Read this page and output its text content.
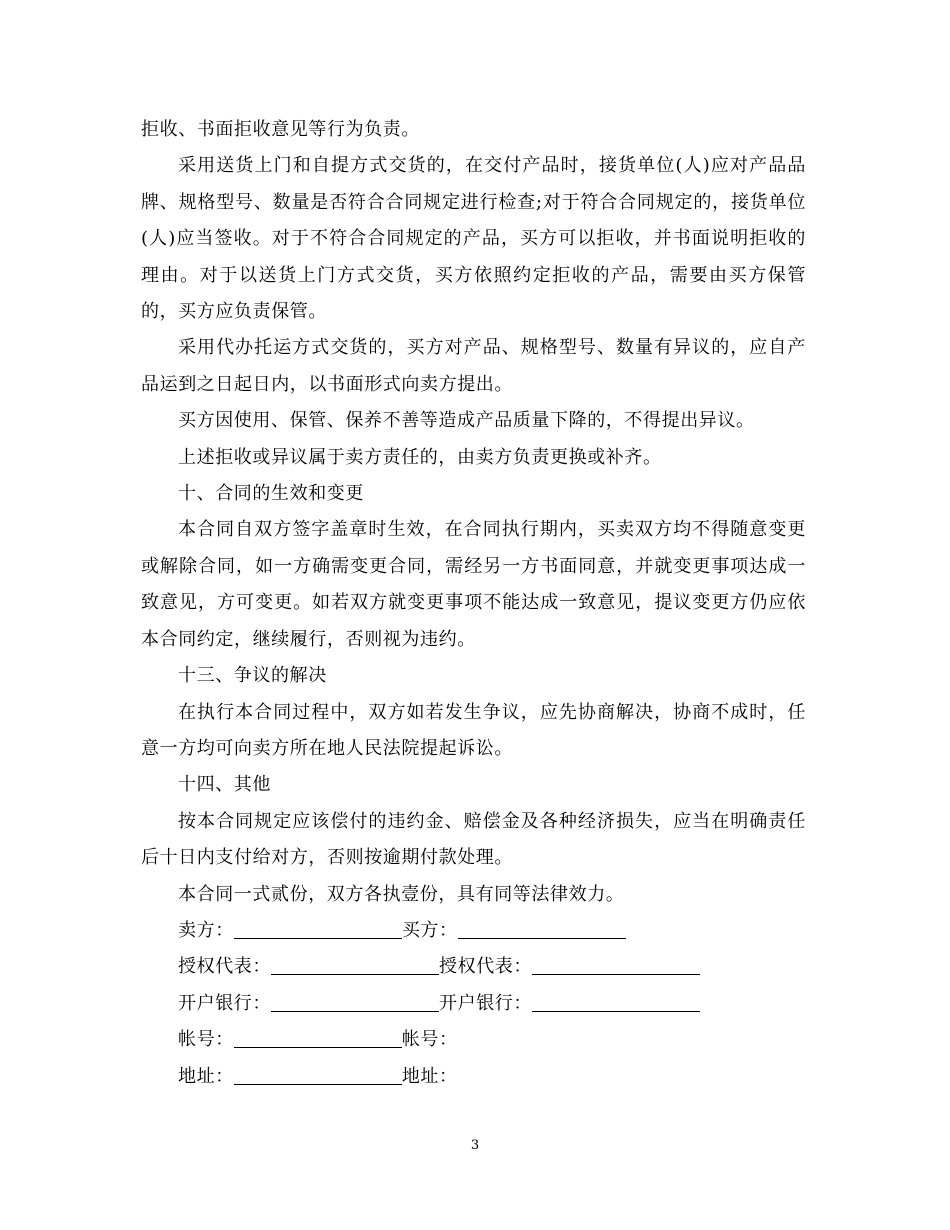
拒收、书面拒收意见等行为负责。

采用送货上门和自提方式交货的，在交付产品时，接货单位(人)应对产品品牌、规格型号、数量是否符合合同规定进行检查;对于符合合同规定的，接货单位(人)应当签收。对于不符合合同规定的产品，买方可以拒收，并书面说明拒收的理由。对于以送货上门方式交货，买方依照约定拒收的产品，需要由买方保管的，买方应负责保管。

采用代办托运方式交货的，买方对产品、规格型号、数量有异议的，应自产品运到之日起日内，以书面形式向卖方提出。

买方因使用、保管、保养不善等造成产品质量下降的，不得提出异议。

上述拒收或异议属于卖方责任的，由卖方负责更换或补齐。

十、合同的生效和变更

本合同自双方签字盖章时生效，在合同执行期内，买卖双方均不得随意变更或解除合同，如一方确需变更合同，需经另一方书面同意，并就变更事项达成一致意见，方可变更。如若双方就变更事项不能达成一致意见，提议变更方仍应依本合同约定，继续履行，否则视为违约。

十三、争议的解决

在执行本合同过程中，双方如若发生争议，应先协商解决，协商不成时，任意一方均可向卖方所在地人民法院提起诉讼。

十四、其他

按本合同规定应该偿付的违约金、赔偿金及各种经济损失，应当在明确责任后十日内支付给对方，否则按逾期付款处理。

本合同一式贰份，双方各执壹份，具有同等法律效力。

卖方：	买方：
授权代表：	授权代表：
开户银行：	开户银行：
帐号：	帐号：
地址：	地址：
3
